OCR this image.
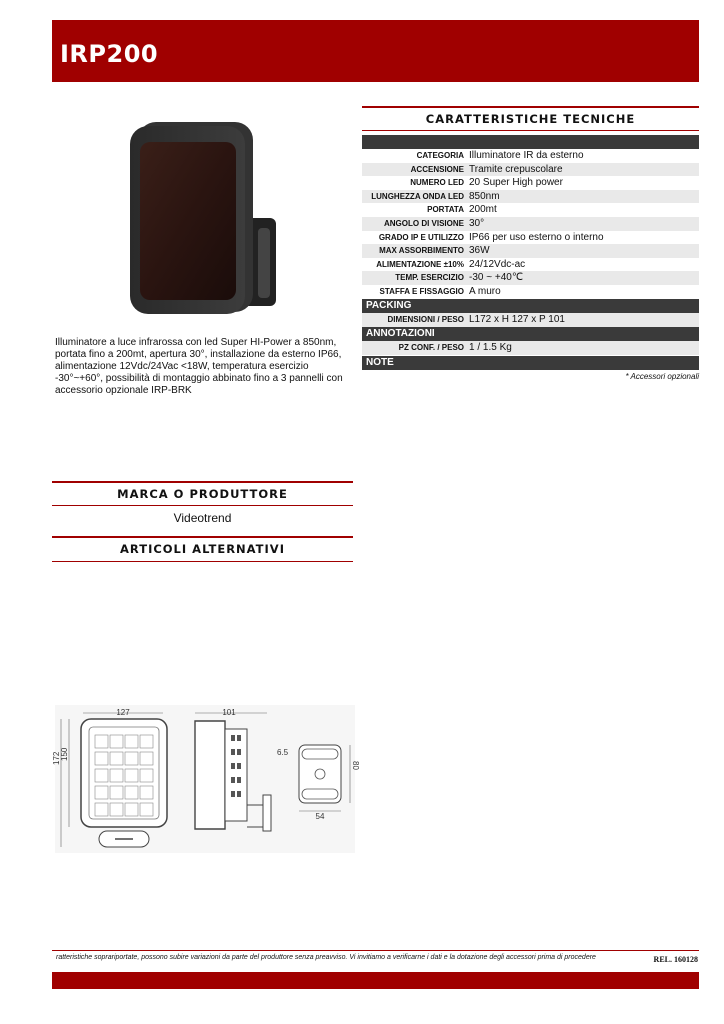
IRP200
Illuminatore a luce infrarossa con led Super HI-Power a 850nm, portata fino a 200mt, apertura 30°, installazione da esterno IP66, alimentazione 12Vdc/24Vac <18W, temperatura esercizio -30°~+60°, possibilità di montaggio abbinato fino a 3 pannelli con accessorio opzionale IRP-BRK
CARATTERISTICHE TECNICHE
CATEGORIA Illuminatore IR da esterno
ACCENSIONE Tramite crepuscolare
NUMERO LED 20 Super High power
LUNGHEZZA ONDA LED 850nm
PORTATA 200mt
ANGOLO DI VISIONE 30°
GRADO IP E UTILIZZO IP66 per uso esterno o interno
MAX ASSORBIMENTO 36W
ALIMENTAZIONE ±10% 24/12Vdc-ac
TEMP. ESERCIZIO -30 ~ +40℃
STAFFA E FISSAGGIO A muro
PACKING
DIMENSIONI / PESO L172 x H 127 x P 101
ANNOTAZIONI
PZ CONF. / PESO 1 / 1.5 Kg
NOTE
* Accessori opzionali
MARCA O PRODUTTORE
Videotrend
ARTICOLI ALTERNATIVI
127
172 150
101
6.5
80
54
ratteristiche soprariportate, possono subire variazioni da parte del produttore senza preavviso. Vi invitiamo a verificarne i dati e la dotazione degli accessori prima di procedere	REL. 160128
